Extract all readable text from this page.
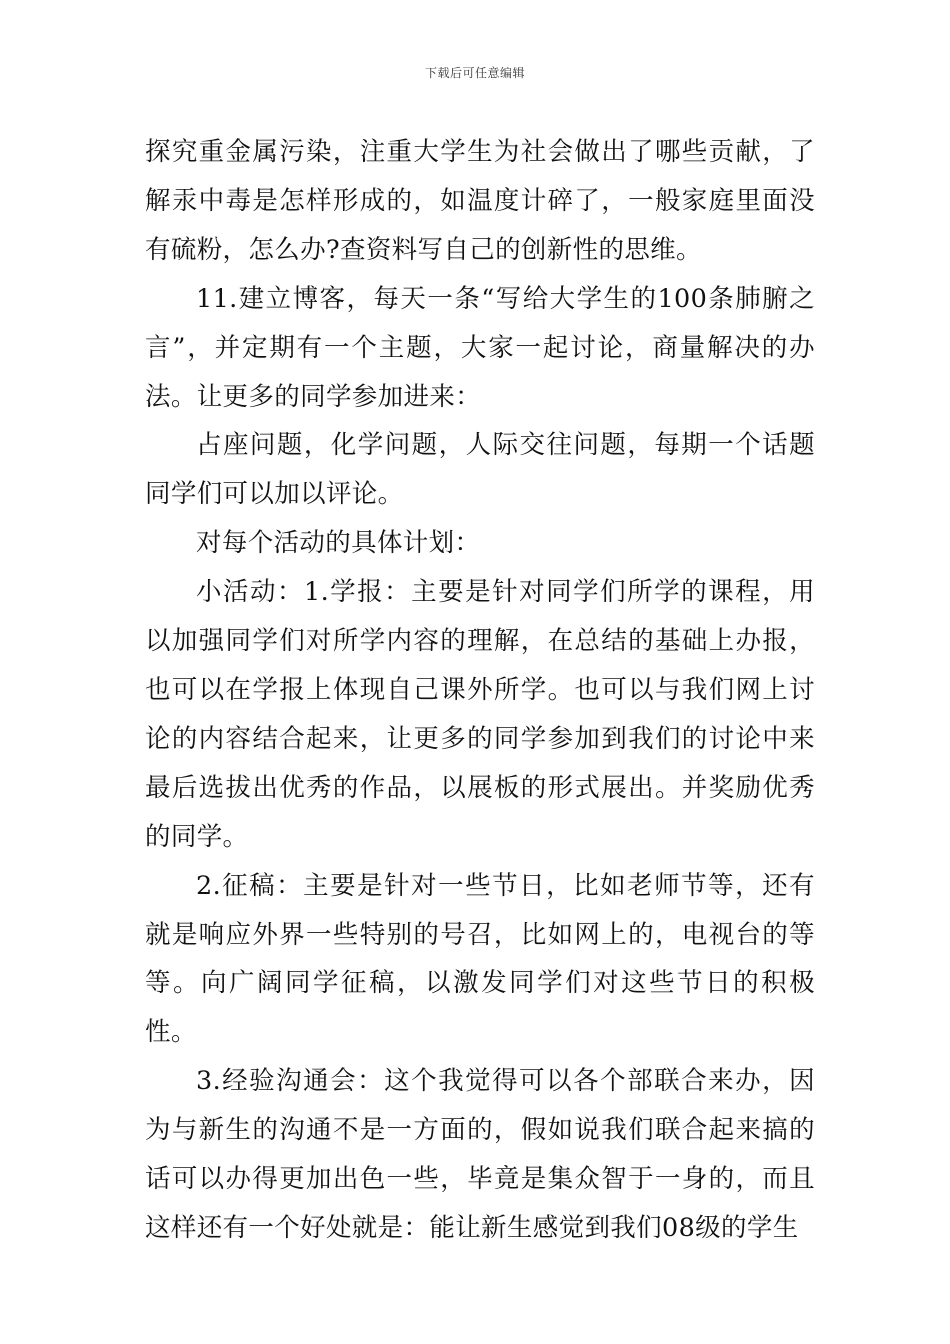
下载后可任意编辑

探究重金属污染，注重大学生为社会做出了哪些贡献，了解汞中毒是怎样形成的，如温度计碎了，一般家庭里面没有硫粉，怎么办?查资料写自己的创新性的思维。

11.建立博客，每天一条“写给大学生的100条肺腑之言”，并定期有一个主题，大家一起讨论，商量解决的办法。让更多的同学参加进来：

占座问题，化学问题，人际交往问题，每期一个话题同学们可以加以评论。

对每个活动的具体计划：

小活动：1.学报：主要是针对同学们所学的课程，用以加强同学们对所学内容的理解，在总结的基础上办报，也可以在学报上体现自己课外所学。也可以与我们网上讨论的内容结合起来，让更多的同学参加到我们的讨论中来最后选拔出优秀的作品，以展板的形式展出。并奖励优秀的同学。

2.征稿：主要是针对一些节日，比如老师节等，还有就是响应外界一些特别的号召，比如网上的，电视台的等等。向广阔同学征稿，以激发同学们对这些节日的积极性。

3.经验沟通会：这个我觉得可以各个部联合来办，因为与新生的沟通不是一方面的，假如说我们联合起来搞的话可以办得更加出色一些，毕竟是集众智于一身的，而且这样还有一个好处就是：能让新生感觉到我们08级的学生
